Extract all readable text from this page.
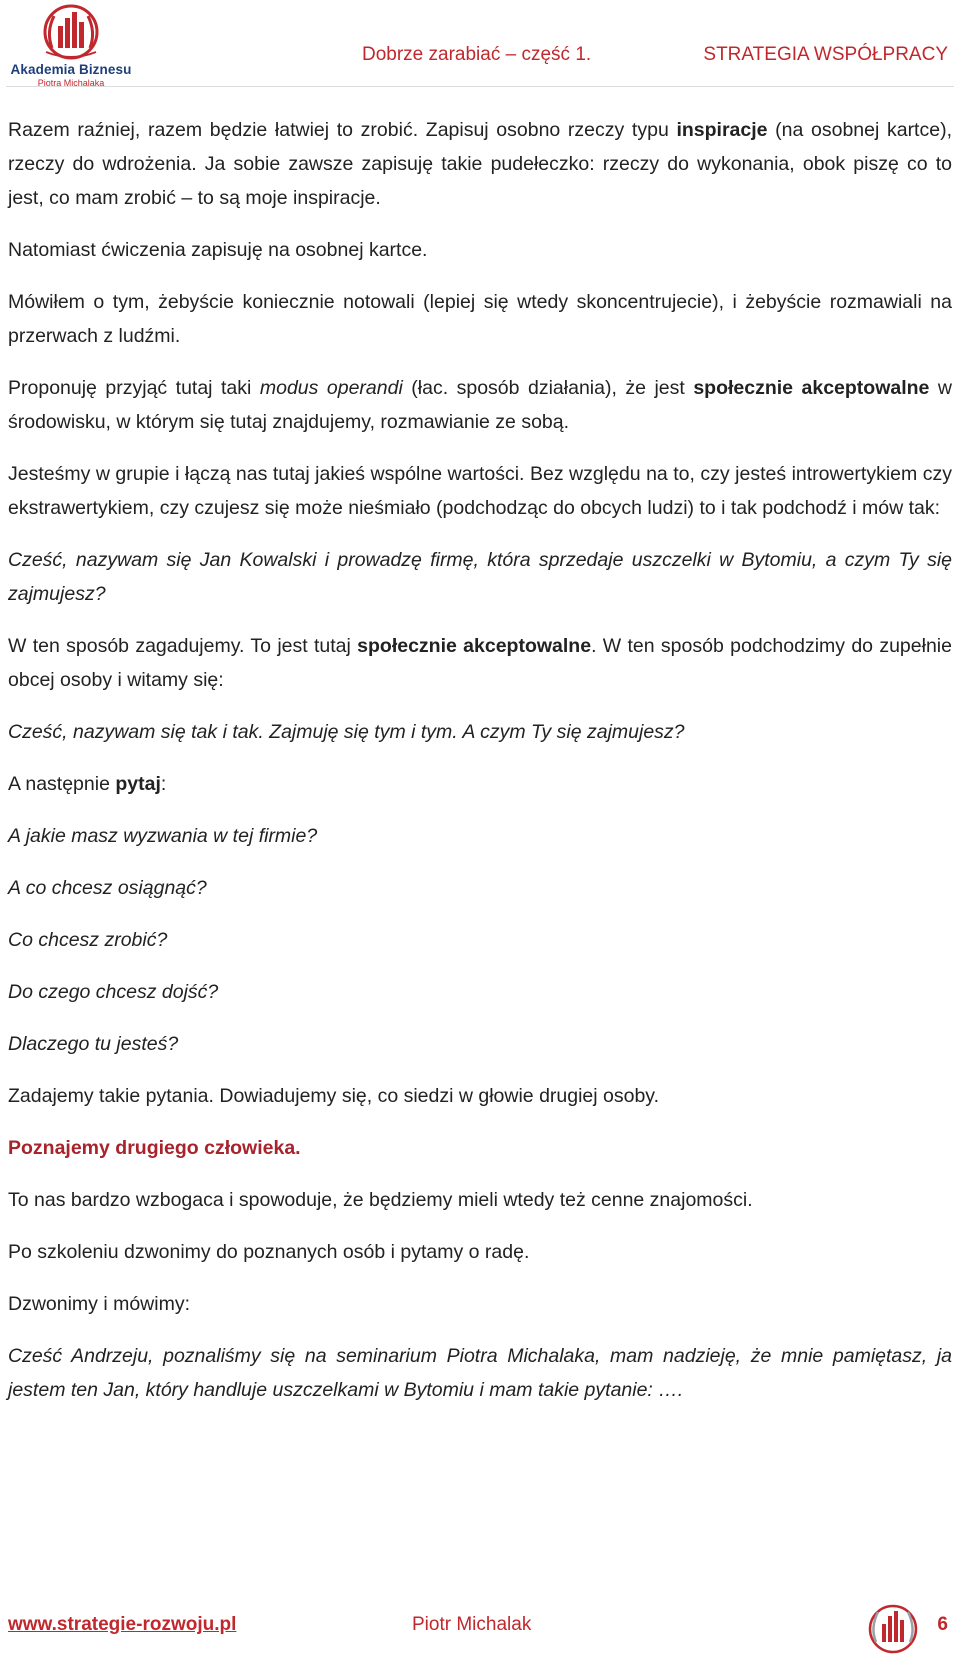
Akademia Biznesu
Piotra Michalaka
Dobrze zarabiać – część 1.	STRATEGIA WSPÓŁPRACY

Razem raźniej, razem będzie łatwiej to zrobić. Zapisuj osobno rzeczy typu inspiracje (na osobnej kartce), rzeczy do wdrożenia. Ja sobie zawsze zapisuję takie pudełeczko: rzeczy do wykonania, obok piszę co to jest, co mam zrobić – to są moje inspiracje.

Natomiast ćwiczenia zapisuję na osobnej kartce.

Mówiłem o tym, żebyście koniecznie notowali (lepiej się wtedy skoncentrujecie), i żebyście rozmawiali na przerwach z ludźmi.

Proponuję przyjąć tutaj taki modus operandi (łac. sposób działania), że jest społecznie akceptowalne w środowisku, w którym się tutaj znajdujemy, rozmawianie ze sobą.

Jesteśmy w grupie i łączą nas tutaj jakieś wspólne wartości. Bez względu na to, czy jesteś introwertykiem czy ekstrawertykiem, czy czujesz się może nieśmiało (podchodząc do obcych ludzi) to i tak podchodź i mów tak:

Cześć, nazywam się Jan Kowalski i prowadzę firmę, która sprzedaje uszczelki w Bytomiu, a czym Ty się zajmujesz?

W ten sposób zagadujemy. To jest tutaj społecznie akceptowalne. W ten sposób podchodzimy do zupełnie obcej osoby i witamy się:

Cześć, nazywam się tak i tak. Zajmuję się tym i tym. A czym Ty się zajmujesz?

A następnie pytaj:

A jakie masz wyzwania w tej firmie?

A co chcesz osiągnąć?

Co chcesz zrobić?

Do czego chcesz dojść?

Dlaczego tu jesteś?

Zadajemy takie pytania. Dowiadujemy się, co siedzi w głowie drugiej osoby.

Poznajemy drugiego człowieka.

To nas bardzo wzbogaca i spowoduje, że będziemy mieli wtedy też cenne znajomości.

Po szkoleniu dzwonimy do poznanych osób i pytamy o radę.

Dzwonimy i mówimy:

Cześć Andrzeju, poznaliśmy się na seminarium Piotra Michalaka, mam nadzieję, że mnie pamiętasz, ja jestem ten Jan, który handluje uszczelkami w Bytomiu i mam takie pytanie: ….

www.strategie-rozwoju.pl	Piotr Michalak	6
